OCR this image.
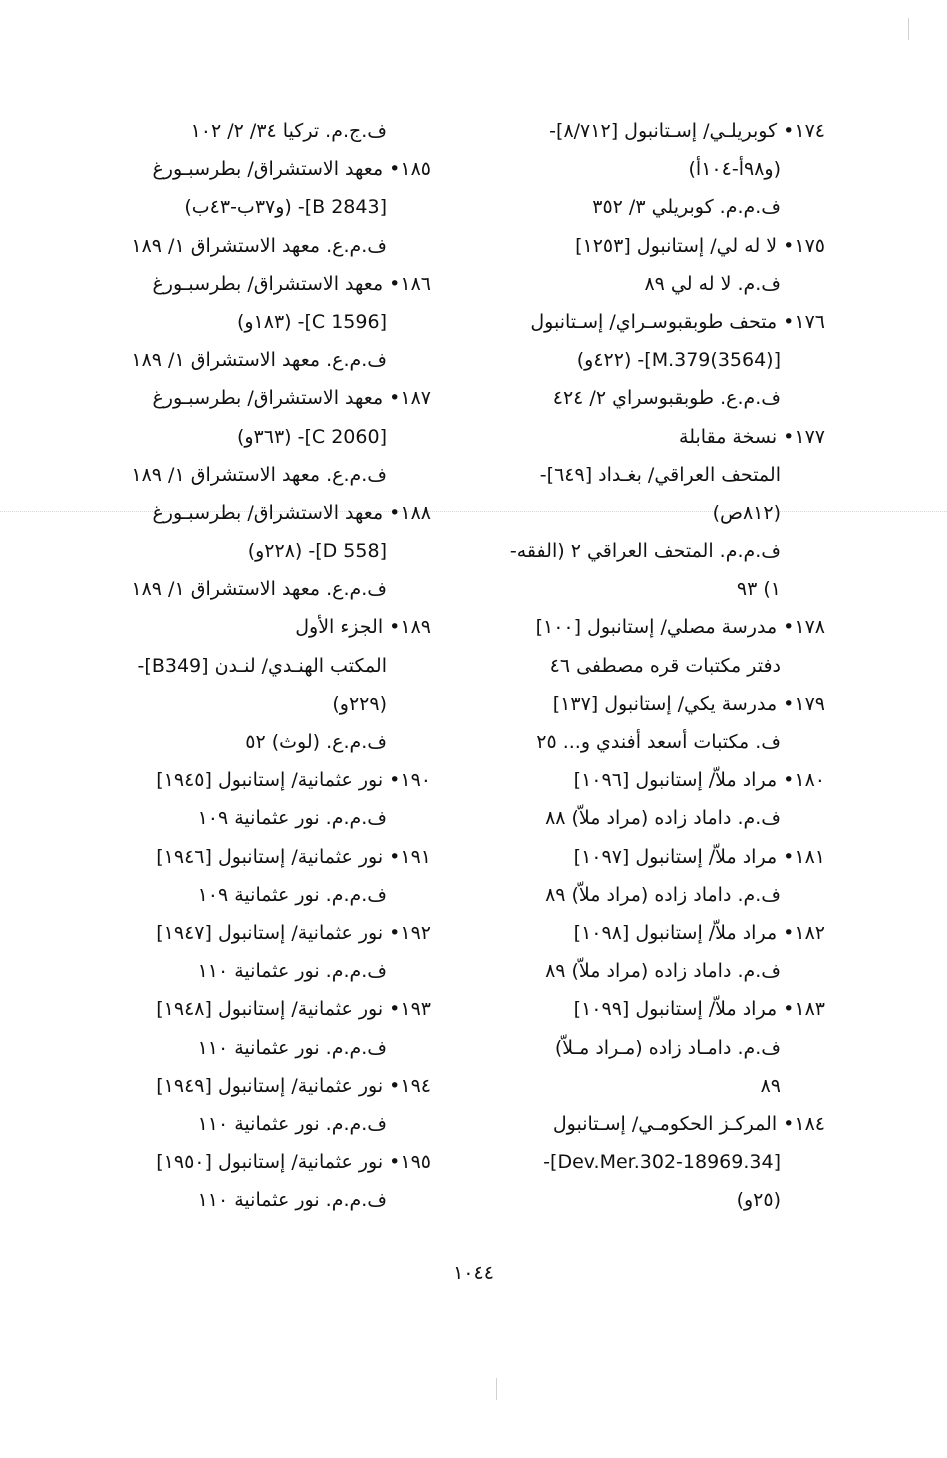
١٧٤• كوبريلـي/ إسـتانبول [٨/٧١٢]-
(و٩٨أ-١٠٤أ)
ف.م.م. كوبريلي ٣/ ٣٥٢
١٧٥• لا له لي/ إستانبول [١٢٥٣]
ف.م. لا له لي ٨٩
١٧٦• متحف طوبقبوسـراي/ إسـتانبول
[(3564)M.379]- (٤٢٢و)
ف.م.ع. طوبقبوسراي ٢/ ٤٢٤
١٧٧• نسخة مقابلة
المتحف العراقي/ بغـداد [٦٤٩]-
(٨١٢ص)
ف.م.م. المتحف العراقي ٢ (الفقه-
١) ٩٣
١٧٨• مدرسة مصلي/ إستانبول [١٠٠]
دفتر مكتبات قره مصطفى ٤٦
١٧٩• مدرسة يكي/ إستانبول [١٣٧]
ف. مكتبات أسعد أفندي و... ٢٥
١٨٠• مراد ملاّ/ إستانبول [١٠٩٦]
ف.م. داماد زاده (مراد ملاّ) ٨٨
١٨١• مراد ملاّ/ إستانبول [١٠٩٧]
ف.م. داماد زاده (مراد ملاّ) ٨٩
١٨٢• مراد ملاّ/ إستانبول [١٠٩٨]
ف.م. داماد زاده (مراد ملاّ) ٨٩
١٨٣• مراد ملاّ/ إستانبول [١٠٩٩]
ف.م. دامـاد زاده (مـراد مـلاّ)
٨٩
١٨٤• المركـز الحكومـي/ إسـتانبول
[34.Dev.Mer.302-18969]-
(٢٥و)
ف.ج.م. تركيا ٣٤/ ٢/ ١٠٢
١٨٥• معهد الاستشراق/ بطرسبـورغ
[B 2843]- (و٣٧ب-٤٣ب)
ف.م.ع. معهد الاستشراق ١/ ١٨٩
١٨٦• معهد الاستشراق/ بطرسبـورغ
[C 1596]- (١٨٣و)
ف.م.ع. معهد الاستشراق ١/ ١٨٩
١٨٧• معهد الاستشراق/ بطرسبـورغ
[C 2060]- (٣٦٣و)
ف.م.ع. معهد الاستشراق ١/ ١٨٩
١٨٨• معهد الاستشراق/ بطرسبـورغ
[D 558]- (٢٢٨و)
ف.م.ع. معهد الاستشراق ١/ ١٨٩
١٨٩• الجزء الأول
المكتب الهنـدي/ لنـدن [B349]-
(٢٢٩و)
ف.م.ع. (لوث) ٥٢
١٩٠• نور عثمانية/ إستانبول [١٩٤٥]
ف.م.م. نور عثمانية ١٠٩
١٩١• نور عثمانية/ إستانبول [١٩٤٦]
ف.م.م. نور عثمانية ١٠٩
١٩٢• نور عثمانية/ إستانبول [١٩٤٧]
ف.م.م. نور عثمانية ١١٠
١٩٣• نور عثمانية/ إستانبول [١٩٤٨]
ف.م.م. نور عثمانية ١١٠
١٩٤• نور عثمانية/ إستانبول [١٩٤٩]
ف.م.م. نور عثمانية ١١٠
١٩٥• نور عثمانية/ إستانبول [١٩٥٠]
ف.م.م. نور عثمانية ١١٠
١٠٤٤
